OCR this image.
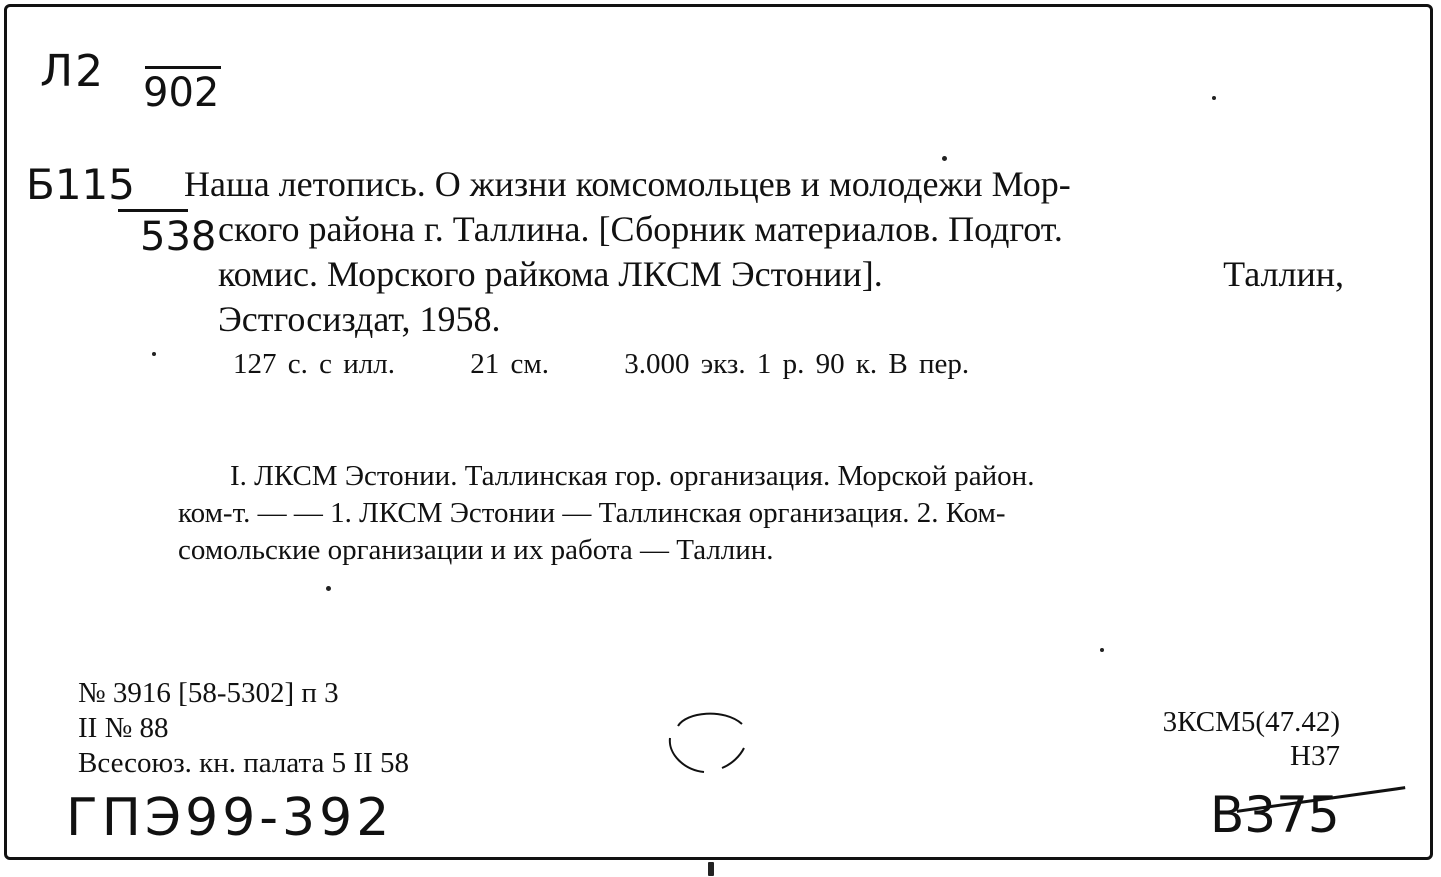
Л2 902
Б115
538
Наша летопись. О жизни комсомольцев и молодежи Мор-
ского района г. Таллина. [Сборник материалов. Подгот.
комис. Морского райкома ЛКСМ Эстонии].	Таллин,
Эстгосиздат, 1958.
127 с. с илл.	21 см.	3.000 экз. 1 р. 90 к. В пер.
I. ЛКСМ Эстонии. Таллинская гор. организация. Морской район.
ком-т. — — 1. ЛКСМ Эстонии — Таллинская организация. 2. Ком-
сомольские организации и их работа — Таллин.
№ 3916 [58-5302] п 3
II № 88
Всесоюз. кн. палата 5 II 58
3КСМ5(47.42)
Н37
ГПЭ99-392	В375
